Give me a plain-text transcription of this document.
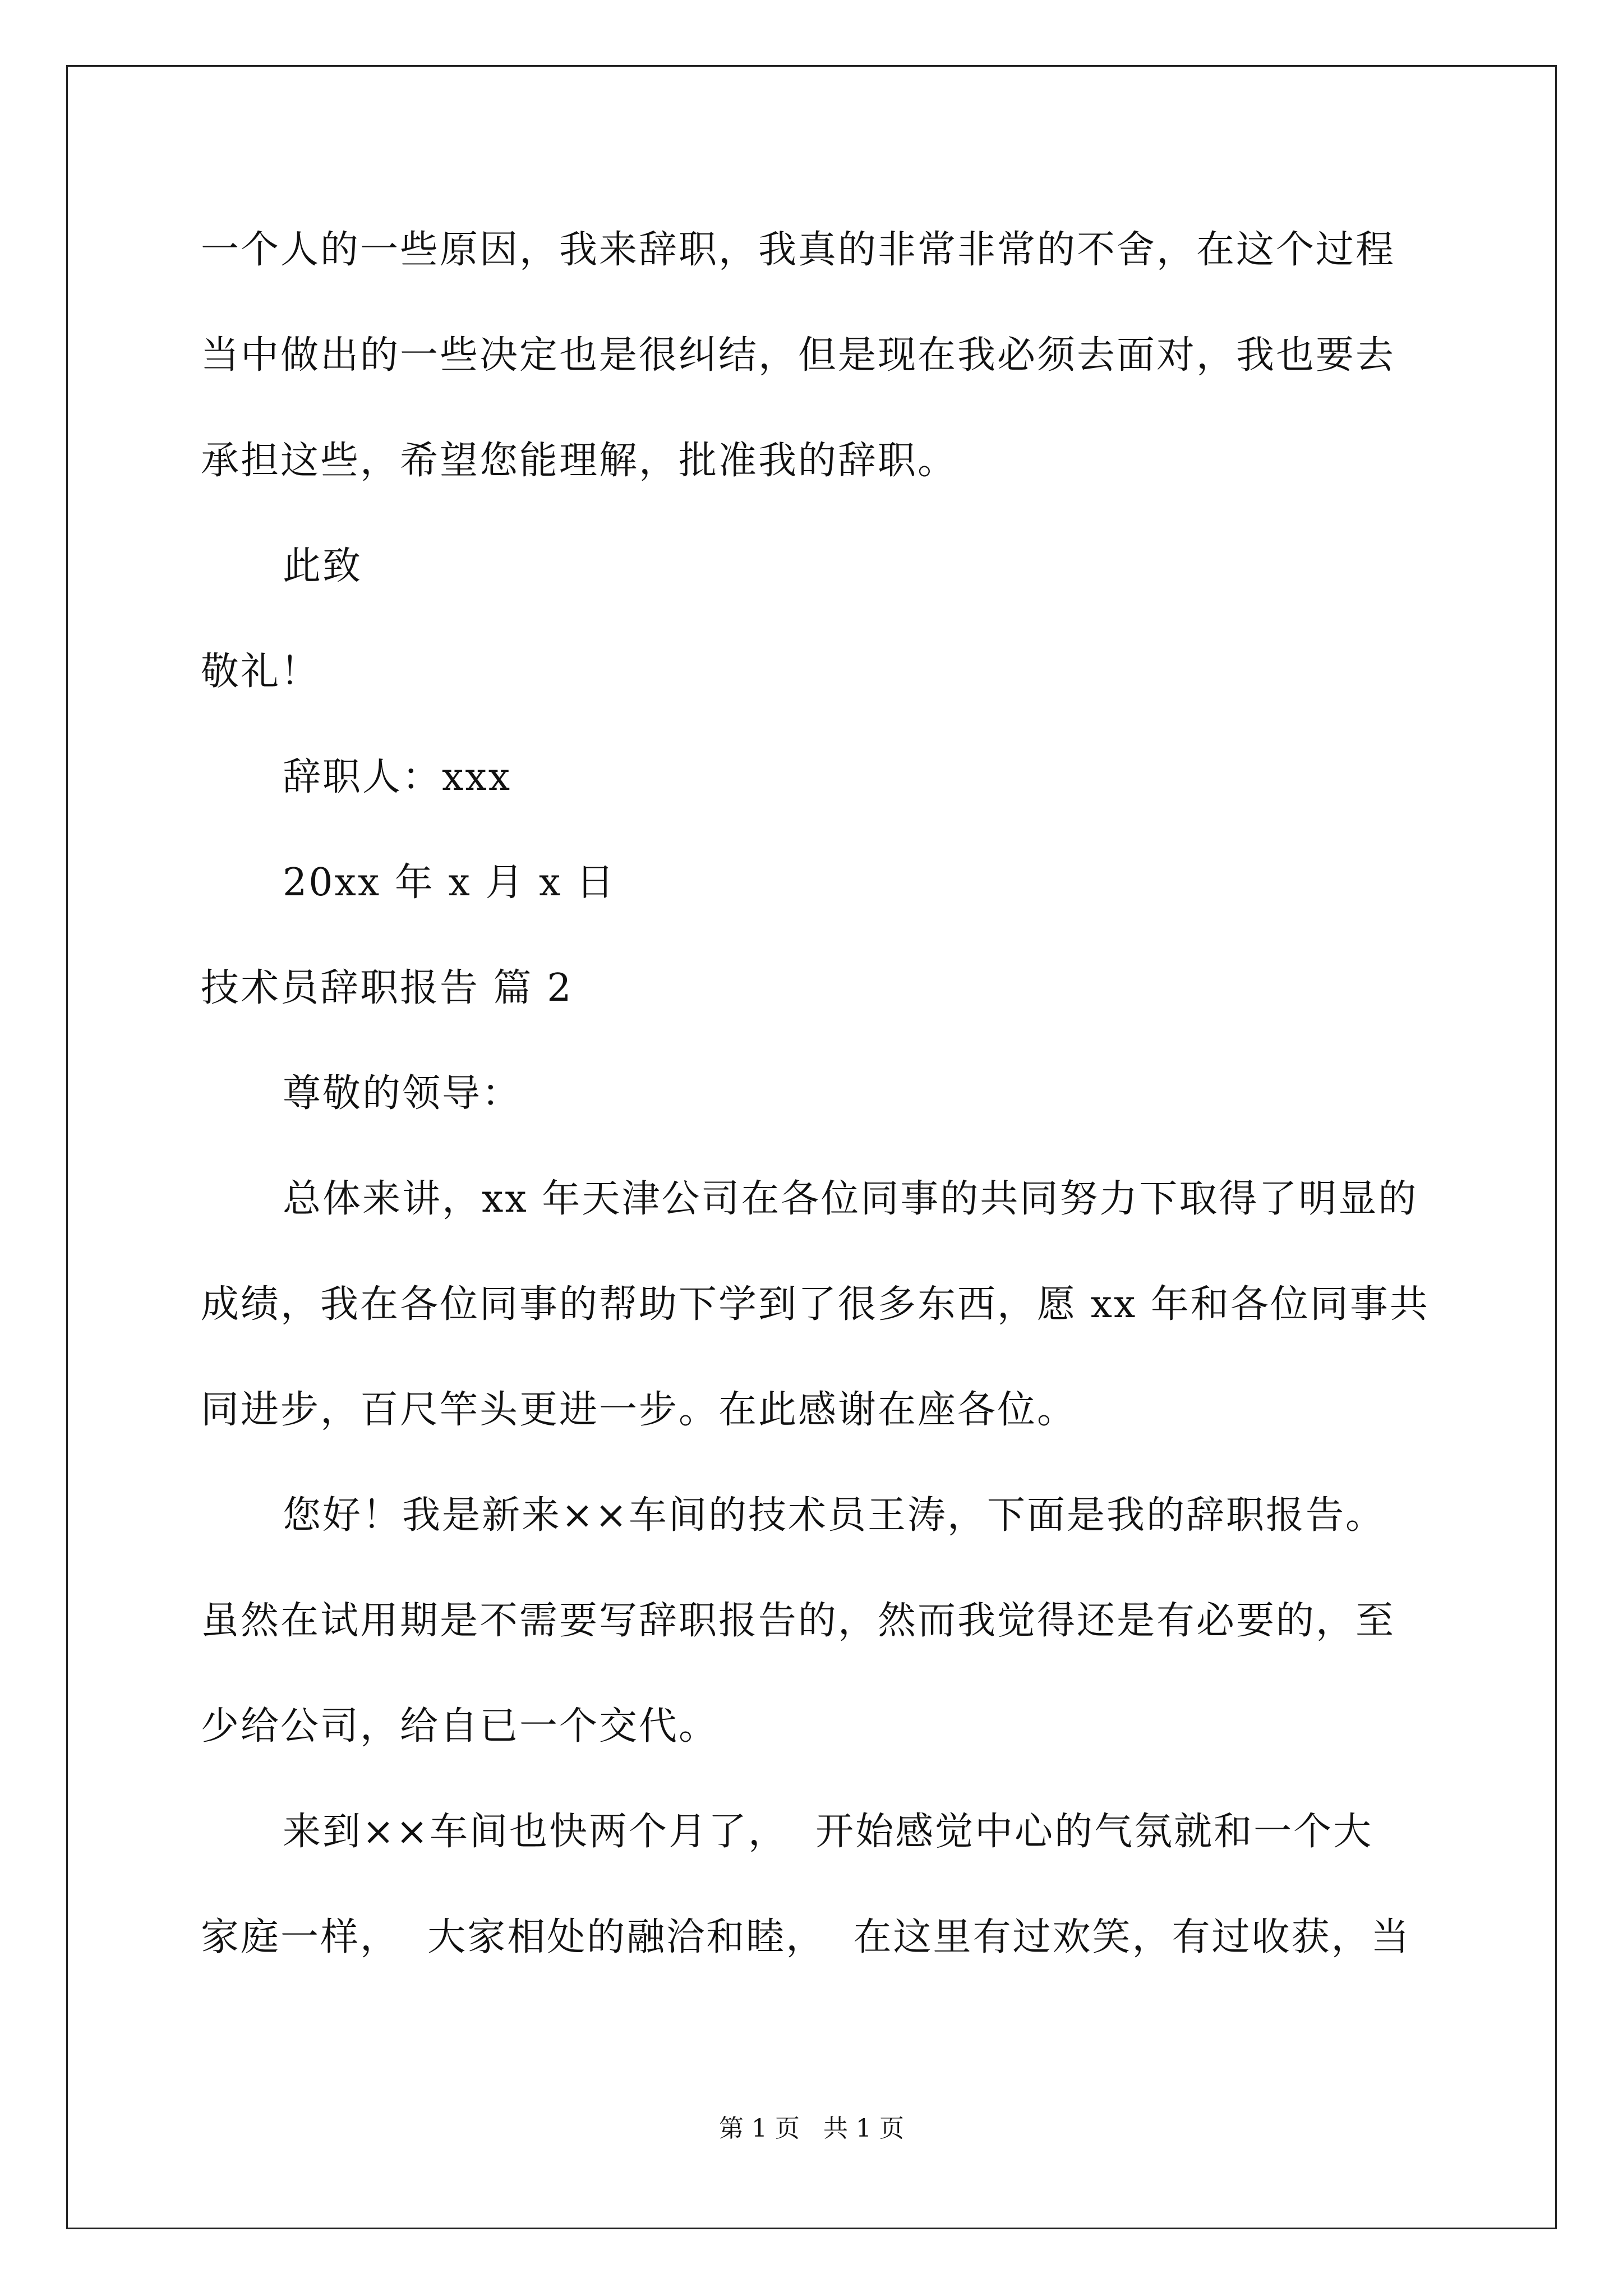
一个人的一些原因，我来辞职，我真的非常非常的不舍，在这个过程
当中做出的一些决定也是很纠结，但是现在我必须去面对，我也要去
承担这些，希望您能理解，批准我的辞职。
此致
敬礼！
辞职人：xxx
20xx 年 x 月 x 日
技术员辞职报告 篇 2
尊敬的领导：
总体来讲，xx 年天津公司在各位同事的共同努力下取得了明显的
成绩，我在各位同事的帮助下学到了很多东西，愿 xx 年和各位同事共
同进步，百尺竿头更进一步。在此感谢在座各位。
您好！我是新来××车间的技术员王涛，下面是我的辞职报告。
虽然在试用期是不需要写辞职报告的，然而我觉得还是有必要的，至
少给公司，给自已一个交代。
来到××车间也快两个月了，  开始感觉中心的气氛就和一个大
家庭一样，  大家相处的融洽和睦，  在这里有过欢笑，有过收获，当
第 1 页   共 1 页
